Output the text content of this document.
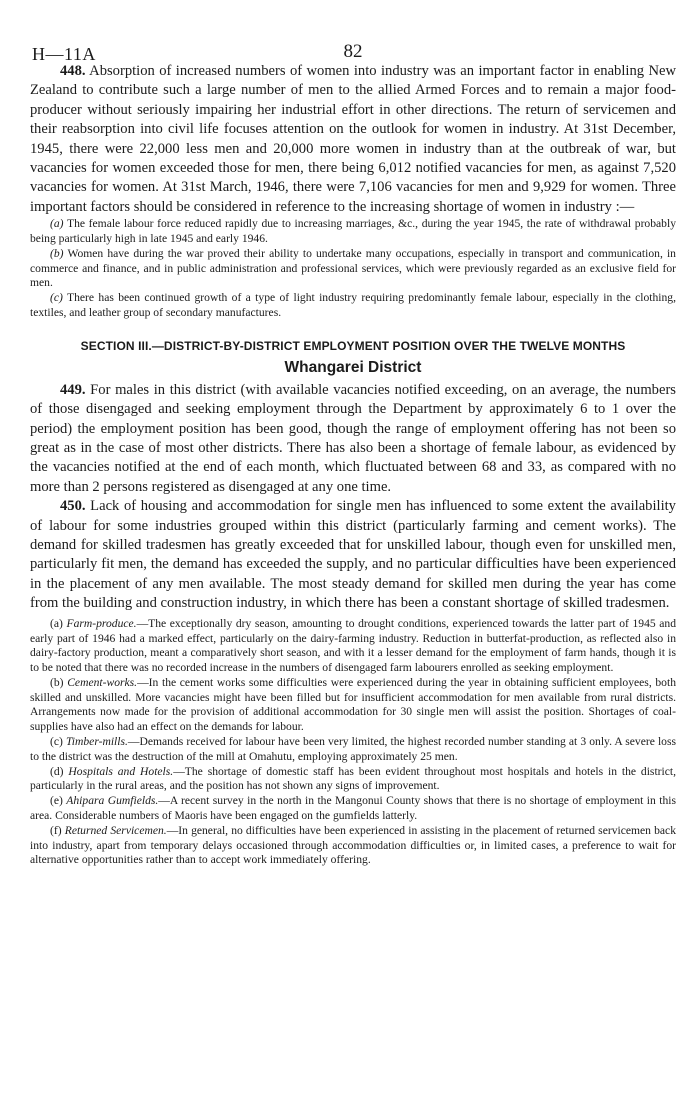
H—11A	82

448. Absorption of increased numbers of women into industry was an important factor in enabling New Zealand to contribute such a large number of men to the allied Armed Forces and to remain a major food-producer without seriously impairing her industrial effort in other directions. The return of servicemen and their reabsorption into civil life focuses attention on the outlook for women in industry. At 31st December, 1945, there were 22,000 less men and 20,000 more women in industry than at the outbreak of war, but vacancies for women exceeded those for men, there being 6,012 notified vacancies for men, as against 7,520 vacancies for women. At 31st March, 1946, there were 7,106 vacancies for men and 9,929 for women. Three important factors should be considered in reference to the increasing shortage of women in industry :—

(a) The female labour force reduced rapidly due to increasing marriages, &c., during the year 1945, the rate of withdrawal probably being particularly high in late 1945 and early 1946.

(b) Women have during the war proved their ability to undertake many occupations, especially in transport and communication, in commerce and finance, and in public administration and professional services, which were previously regarded as an exclusive field for men.

(c) There has been continued growth of a type of light industry requiring predominantly female labour, especially in the clothing, textiles, and leather group of secondary manufactures.

SECTION III.—DISTRICT-BY-DISTRICT EMPLOYMENT POSITION OVER THE TWELVE MONTHS
Whangarei District

449. For males in this district (with available vacancies notified exceeding, on an average, the numbers of those disengaged and seeking employment through the Department by approximately 6 to 1 over the period) the employment position has been good, though the range of employment offering has not been so great as in the case of most other districts. There has also been a shortage of female labour, as evidenced by the vacancies notified at the end of each month, which fluctuated between 68 and 33, as compared with no more than 2 persons registered as disengaged at any one time.

450. Lack of housing and accommodation for single men has influenced to some extent the availability of labour for some industries grouped within this district (particularly farming and cement works). The demand for skilled tradesmen has greatly exceeded that for unskilled labour, though even for unskilled men, particularly fit men, the demand has exceeded the supply, and no particular difficulties have been experienced in the placement of any men available. The most steady demand for skilled men during the year has come from the building and construction industry, in which there has been a constant shortage of skilled tradesmen.

(a) Farm-produce.—The exceptionally dry season, amounting to drought conditions, experienced towards the latter part of 1945 and early part of 1946 had a marked effect, particularly on the dairy-farming industry. Reduction in butterfat-production, as reflected also in dairy-factory production, meant a comparatively short season, and with it a lesser demand for the employment of farm hands, though it is to be noted that there was no recorded increase in the numbers of disengaged farm labourers enrolled as seeking employment.

(b) Cement-works.—In the cement works some difficulties were experienced during the year in obtaining sufficient employees, both skilled and unskilled. More vacancies might have been filled but for insufficient accommodation for men available from rural districts. Arrangements now made for the provision of additional accommodation for 30 single men will assist the position. Shortages of coal-supplies have also had an effect on the demands for labour.

(c) Timber-mills.—Demands received for labour have been very limited, the highest recorded number standing at 3 only. A severe loss to the district was the destruction of the mill at Omahutu, employing approximately 25 men.

(d) Hospitals and Hotels.—The shortage of domestic staff has been evident throughout most hospitals and hotels in the district, particularly in the rural areas, and the position has not shown any signs of improvement.

(e) Ahipara Gumfields.—A recent survey in the north in the Mangonui County shows that there is no shortage of employment in this area. Considerable numbers of Maoris have been engaged on the gumfields latterly.

(f) Returned Servicemen.—In general, no difficulties have been experienced in assisting in the placement of returned servicemen back into industry, apart from temporary delays occasioned through accommodation difficulties or, in limited cases, a preference to wait for alternative opportunities rather than to accept work immediately offering.
